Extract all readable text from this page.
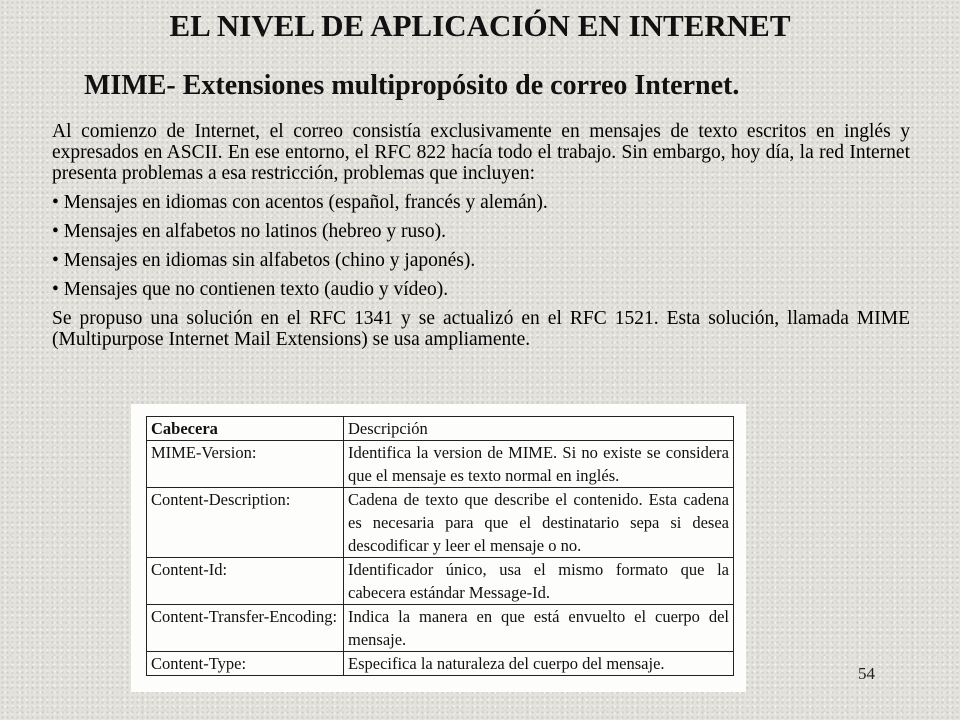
EL NIVEL DE APLICACIÓN EN INTERNET
MIME- Extensiones multipropósito de correo Internet.

Al comienzo de Internet, el correo consistía exclusivamente en mensajes de texto escritos en inglés y expresados en ASCII. En ese entorno, el RFC 822 hacía todo el trabajo. Sin embargo, hoy día, la red Internet presenta problemas a esa restricción, problemas que incluyen:

• Mensajes en idiomas con acentos (español, francés y alemán).

• Mensajes en alfabetos no latinos (hebreo y ruso).

• Mensajes en idiomas sin alfabetos (chino y japonés).

• Mensajes que no contienen texto (audio y vídeo).

Se propuso una solución en el RFC 1341 y se actualizó en el RFC 1521. Esta solución, llamada MIME (Multipurpose Internet Mail Extensions) se usa ampliamente.

Cabecera	Descripción
MIME-Version:	Identifica la version de MIME. Si no existe se considera que el mensaje es texto normal en inglés.
Content-Description:	Cadena de texto que describe el contenido. Esta cadena es necesaria para que el destinatario sepa si desea descodificar y leer el mensaje o no.
Content-Id:	Identificador único, usa el mismo formato que la cabecera estándar Message-Id.
Content-Transfer-Encoding:	Indica la manera en que está envuelto el cuerpo del mensaje.
Content-Type:	Especifica la naturaleza del cuerpo del mensaje.
54
